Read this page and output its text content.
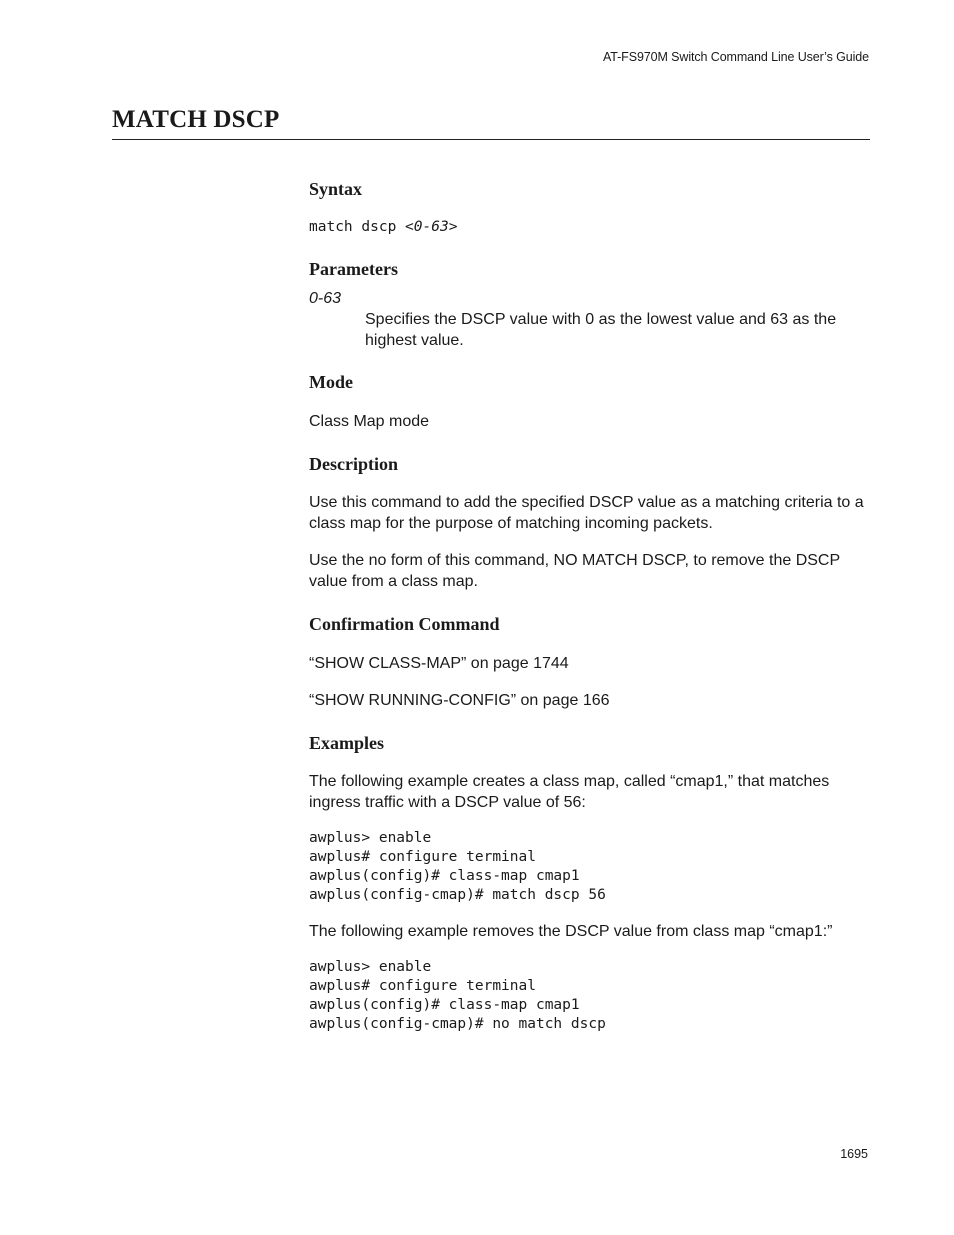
AT-FS970M Switch Command Line User’s Guide
MATCH DSCP
Syntax
match dscp <0-63>
Parameters
0-63
Specifies the DSCP value with 0 as the lowest value and 63 as the highest value.
Mode

Class Map mode

Description

Use this command to add the specified DSCP value as a matching criteria to a class map for the purpose of matching incoming packets.

Use the no form of this command, NO MATCH DSCP, to remove the DSCP value from a class map.

Confirmation Command

“SHOW CLASS-MAP” on page 1744

“SHOW RUNNING-CONFIG” on page 166

Examples

The following example creates a class map, called “cmap1,” that matches ingress traffic with a DSCP value of 56:

awplus> enable
awplus# configure terminal
awplus(config)# class-map cmap1
awplus(config-cmap)# match dscp 56

The following example removes the DSCP value from class map “cmap1:”

awplus> enable
awplus# configure terminal
awplus(config)# class-map cmap1
awplus(config-cmap)# no match dscp
1695
